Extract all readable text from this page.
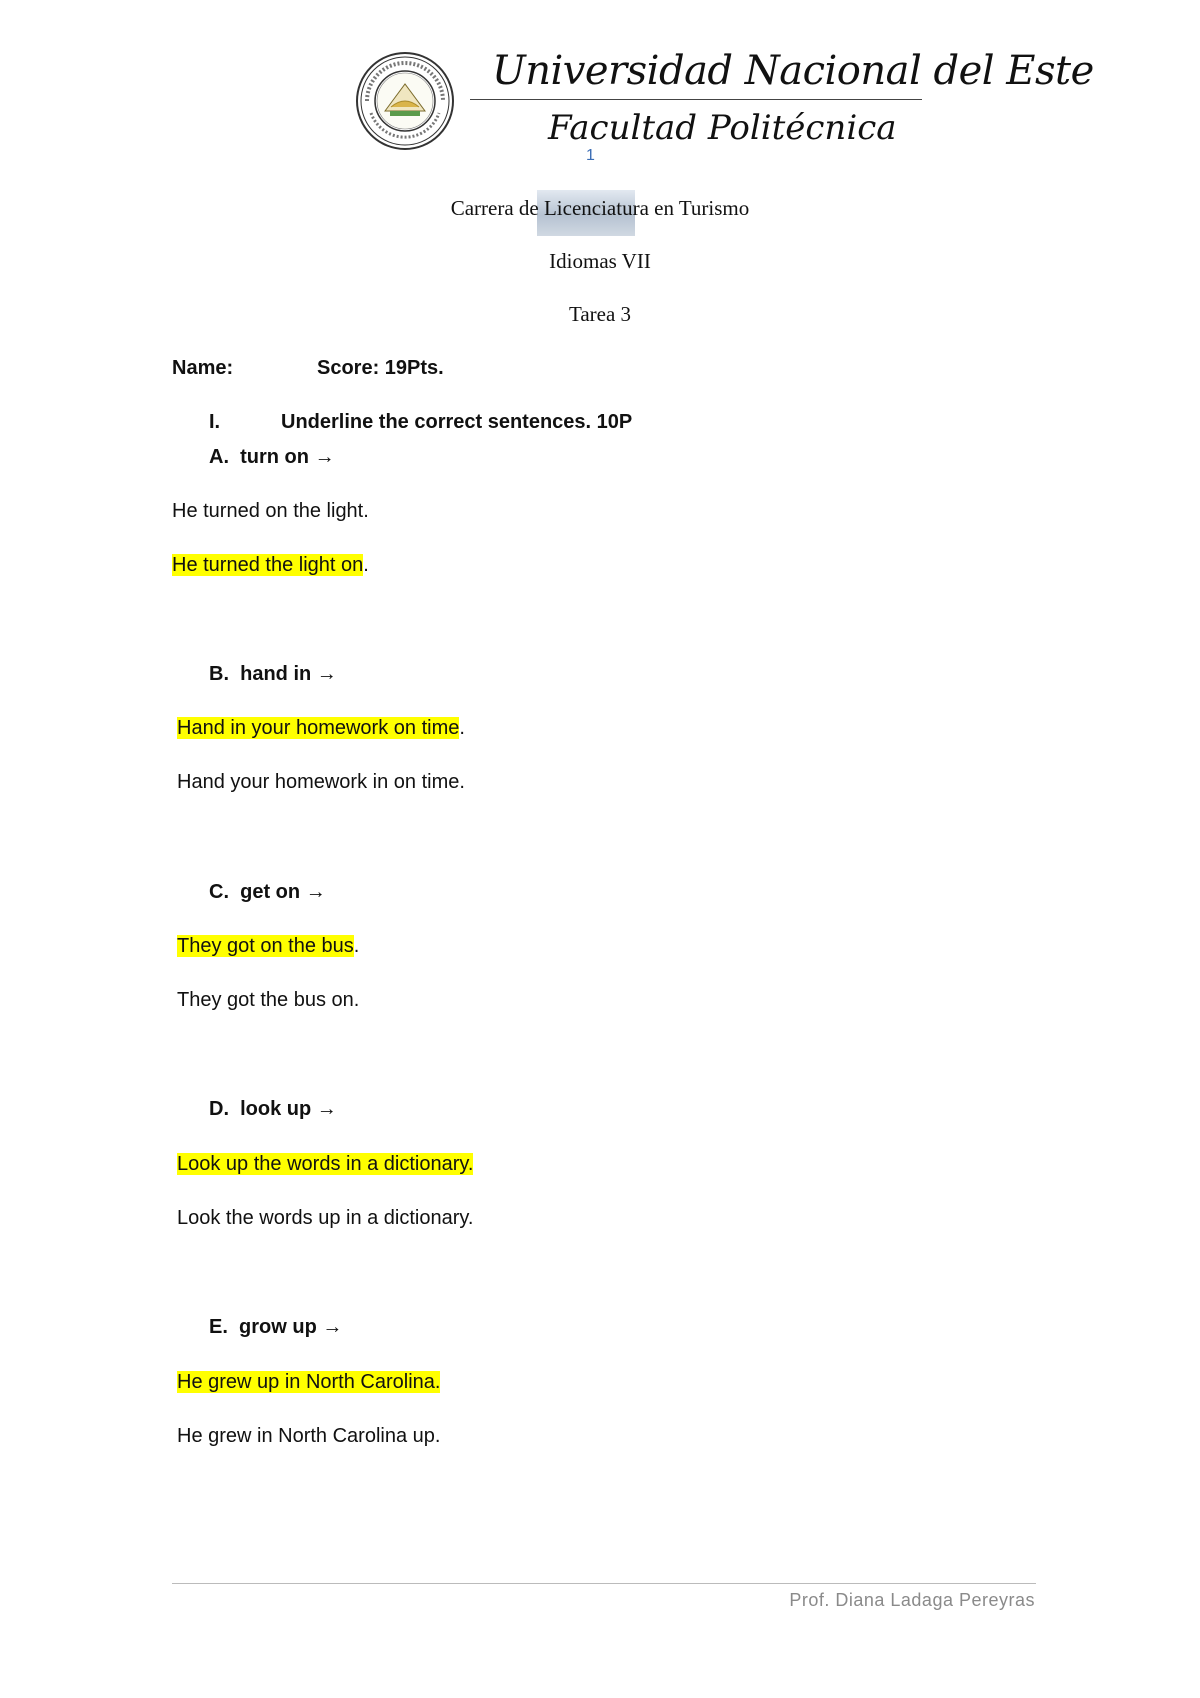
Universidad Nacional del Este
Facultad Politécnica
1
Carrera de Licenciatura en Turismo
Idiomas VII
Tarea 3
Name:	Score: 19Pts.
I.	Underline the correct sentences. 10P
A. turn on →
He turned on the light.
He turned the light on.
B. hand in →
Hand in your homework on time.
Hand your homework in on time.
C. get on →
They got on the bus.
They got the bus on.
D. look up →
Look up the words in a dictionary.
Look the words up in a dictionary.
E. grow up →
He grew up in North Carolina.
He grew in North Carolina up.
Prof. Diana Ladaga Pereyras
